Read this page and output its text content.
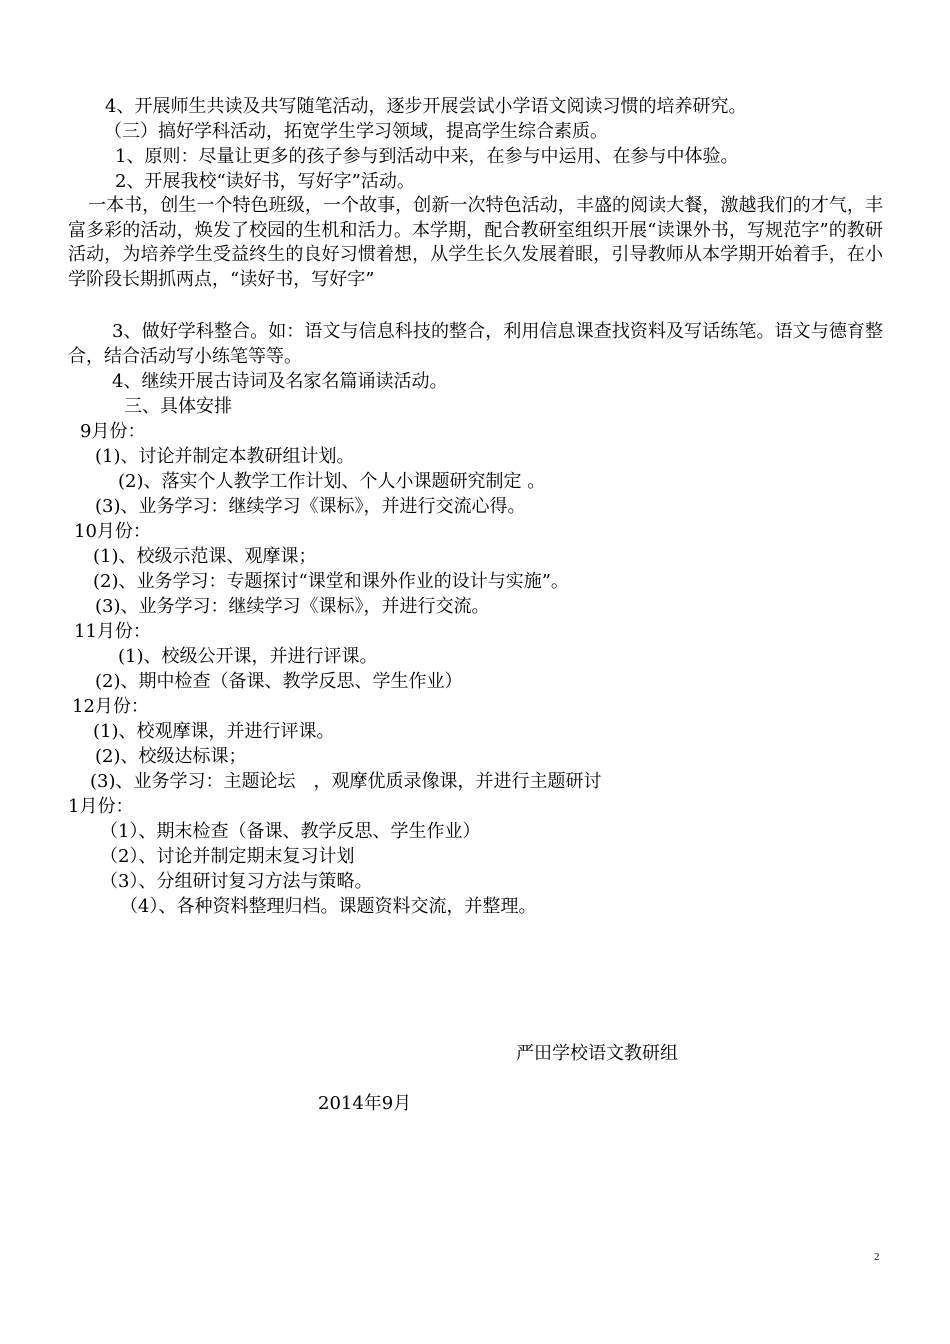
4、开展师生共读及共写随笔活动，逐步开展尝试小学语文阅读习惯的培养研究。

（三）搞好学科活动，拓宽学生学习领域，提高学生综合素质。

1、原则：尽量让更多的孩子参与到活动中来，在参与中运用、在参与中体验。

2、开展我校“读好书，写好字”活动。

一本书，创生一个特色班级，一个故事，创新一次特色活动，丰盛的阅读大餐，激越我们的才气，丰富多彩的活动，焕发了校园的生机和活力。本学期，配合教研室组织开展“读课外书，写规范字”的教研活动，为培养学生受益终生的良好习惯着想，从学生长久发展着眼，引导教师从本学期开始着手，在小学阶段长期抓两点，“读好书，写好字”

3、做好学科整合。如：语文与信息科技的整合，利用信息课查找资料及写话练笔。语文与德育整合，结合活动写小练笔等等。

4、继续开展古诗词及名家名篇诵读活动。

三、具体安排

9月份：

(1)、讨论并制定本教研组计划。

(2)、落实个人教学工作计划、个人小课题研究制定 。

(3)、业务学习：继续学习《课标》，并进行交流心得。

10月份：

(1)、校级示范课、观摩课；

(2)、业务学习：专题探讨“课堂和课外作业的设计与实施”。

(3)、业务学习：继续学习《课标》，并进行交流。

11月份：

(1)、校级公开课，并进行评课。

(2)、期中检查（备课、教学反思、学生作业）

12月份：

(1)、校观摩课，并进行评课。

(2)、校级达标课；

(3)、业务学习：主题论坛　，观摩优质录像课，并进行主题研讨

1月份：

（1）、期末检查（备课、教学反思、学生作业）

（2）、讨论并制定期末复习计划

（3）、分组研讨复习方法与策略。

（4）、各种资料整理归档。课题资料交流，并整理。

严田学校语文教研组

2014年9月

2
